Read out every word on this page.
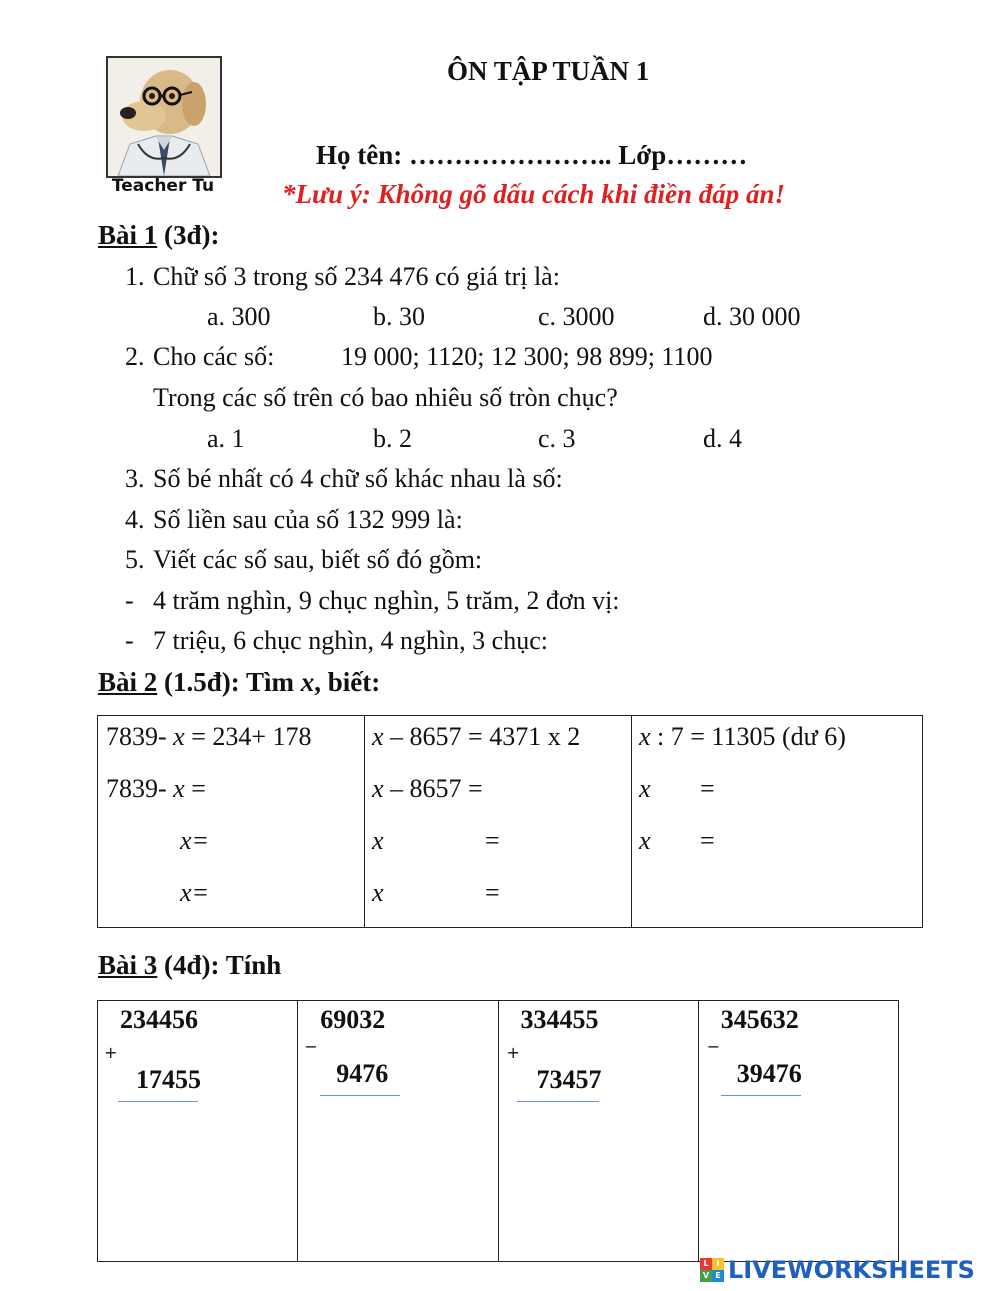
Teacher Tu
ÔN TẬP TUẦN 1
Họ tên: ………………….. Lớp………
*Lưu ý: Không gõ dấu cách khi điền đáp án!
Bài 1 (3đ):
1. Chữ số 3 trong số 234 476 có giá trị là:
a. 300	b. 30	c. 3000	d. 30 000
2. Cho các số:	19 000; 1120; 12 300; 98 899; 1100
Trong các số trên có bao nhiêu số tròn chục?
a. 1	b. 2	c. 3	d. 4
3. Số bé nhất có 4 chữ số khác nhau là số:
4. Số liền sau của số 132 999 là:
5. Viết các số sau, biết số đó gồm:
- 4 trăm nghìn, 9 chục nghìn, 5 trăm, 2 đơn vị:
- 7 triệu, 6 chục nghìn, 4 nghìn, 3 chục:
Bài 2 (1.5đ): Tìm x, biết:
7839- x = 234+ 178
7839- x =
x=
x=

x – 8657 = 4371 x 2
x – 8657 =
x	=
x	=

x : 7 = 11305 (dư 6)
x =
x =
Bài 3 (4đ): Tính
234456
+
17455

69032
−
9476

334455
+
73457

345632
−
39476
L I
V E LIVEWORKSHEETS
